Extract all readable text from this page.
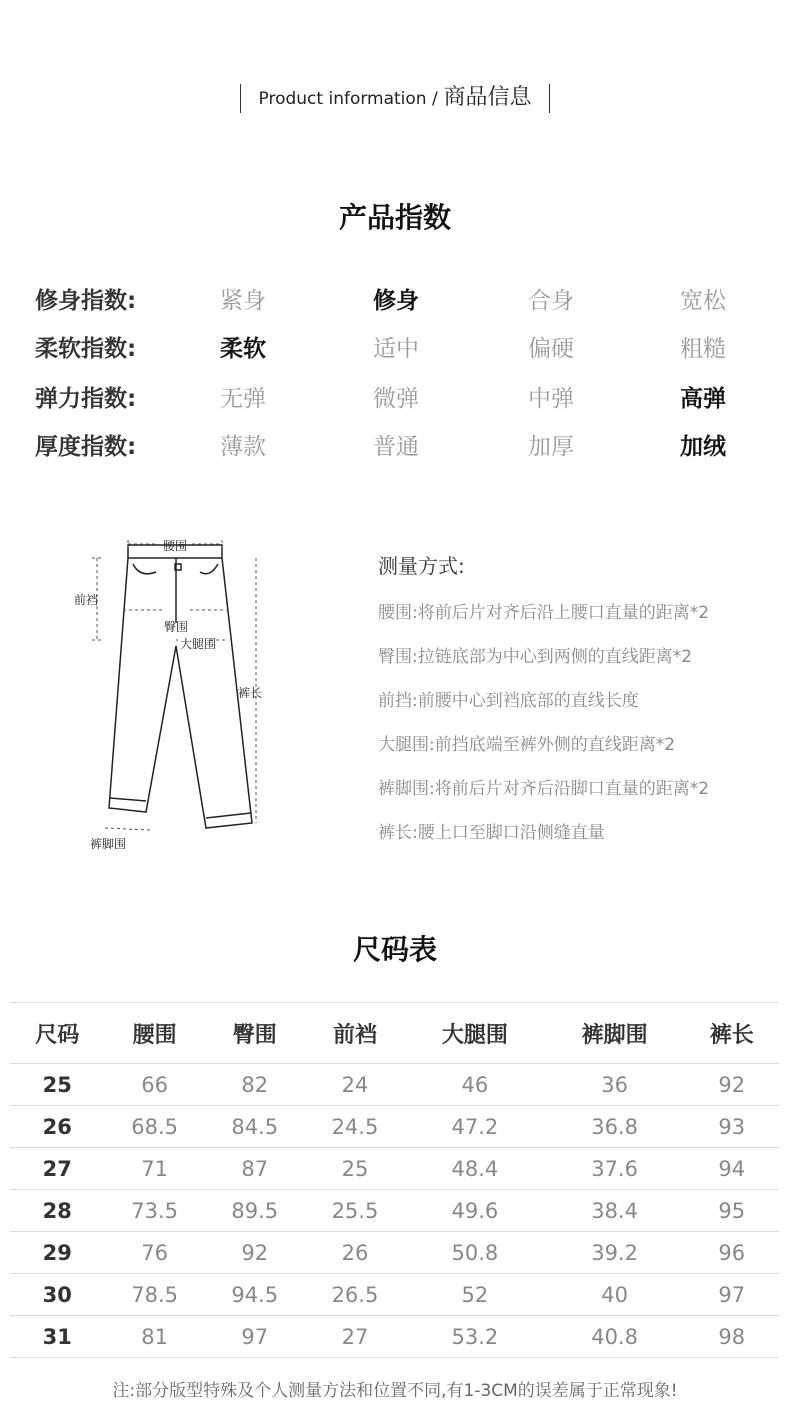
Product information / 商品信息
产品指数
修身指数:	紧身	修身	合身	宽松
柔软指数:	柔软	适中	偏硬	粗糙
弹力指数:	无弹	微弹	中弹	高弹
厚度指数:	薄款	普通	加厚	加绒
腰围
前裆
臀围
大腿围
裤长
裤脚围
测量方式:
腰围:将前后片对齐后沿上腰口直量的距离*2
臀围:拉链底部为中心到两侧的直线距离*2
前挡:前腰中心到裆底部的直线长度
大腿围:前挡底端至裤外侧的直线距离*2
裤脚围:将前后片对齐后沿脚口直量的距离*2
裤长:腰上口至脚口沿侧缝直量
尺码表
尺码	腰围	臀围	前裆	大腿围	裤脚围	裤长
25	66	82	24	46	36	92
26	68.5	84.5	24.5	47.2	36.8	93
27	71	87	25	48.4	37.6	94
28	73.5	89.5	25.5	49.6	38.4	95
29	76	92	26	50.8	39.2	96
30	78.5	94.5	26.5	52	40	97
31	81	97	27	53.2	40.8	98
注:部分版型特殊及个人测量方法和位置不同,有1-3CM的误差属于正常现象!
